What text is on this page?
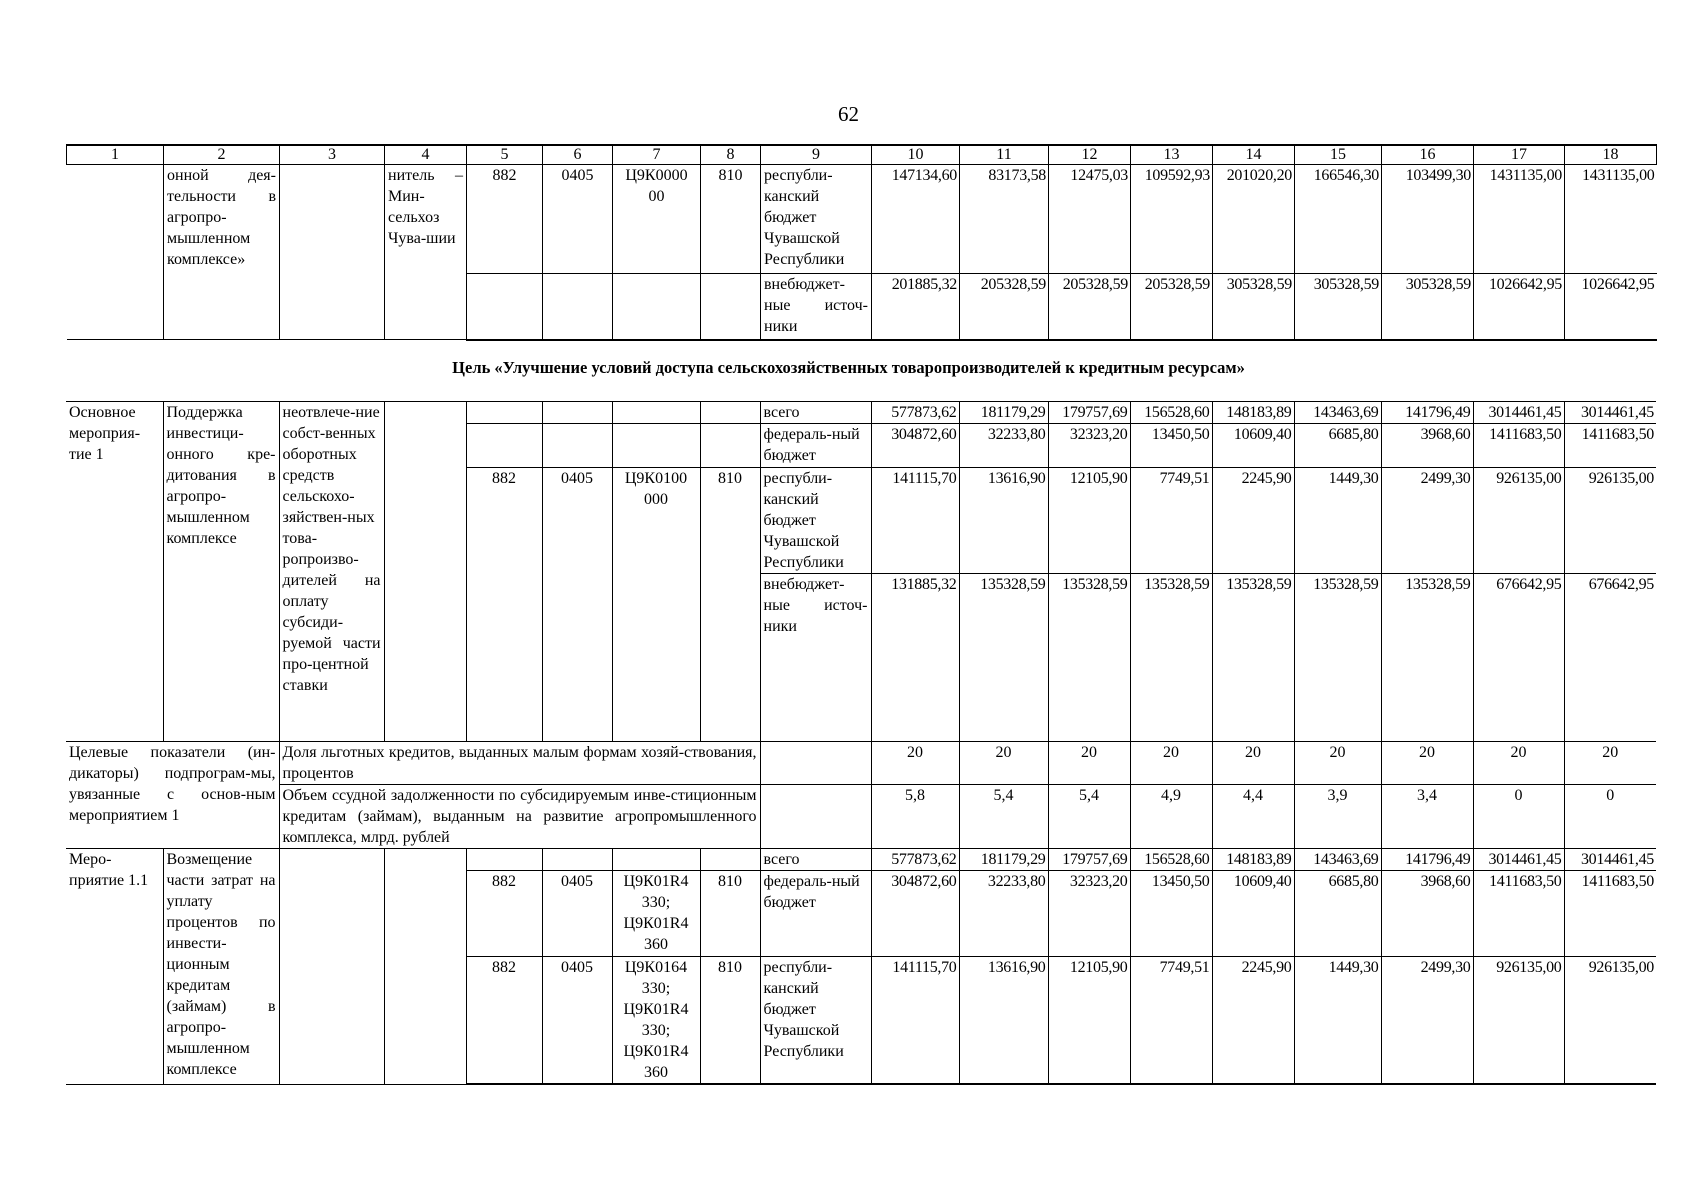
62
1	2	3	4	5	6	7	8	9	10	11	12	13	14	15	16	17	18
	онной дея-тельности в агропро-мышленном комплексе»		нитель – Мин-сельхоз Чува-шии	882	0405	Ц9К0000 00	810	республи-канский бюджет Чувашской Республики	147134,60	83173,58	12475,03	109592,93	201020,20	166546,30	103499,30	1431135,00	1431135,00
								внебюджет-ные источ-ники	201885,32	205328,59	205328,59	205328,59	305328,59	305328,59	305328,59	1026642,95	1026642,95
Цель «Улучшение условий доступа сельскохозяйственных товаропроизводителей к кредитным ресурсам»
Основное мероприя-тие 1	Поддержка инвестици-онного кре-дитования в агропро-мышленном комплексе	неотвлече-ние собст-венных оборотных средств сельскохо-зяйствен-ных това-ропроизво-дителей на оплату субсиди-руемой части про-центной ставки						всего	577873,62	181179,29	179757,69	156528,60	148183,89	143463,69	141796,49	3014461,45	3014461,45
								федераль-ный бюджет	304872,60	32233,80	32323,20	13450,50	10609,40	6685,80	3968,60	1411683,50	1411683,50
				882	0405	Ц9К0100 000	810	республи-канский бюджет Чувашской Республики	141115,70	13616,90	12105,90	7749,51	2245,90	1449,30	2499,30	926135,00	926135,00
								внебюджет-ные источ-ники	131885,32	135328,59	135328,59	135328,59	135328,59	135328,59	135328,59	676642,95	676642,95
Целевые показатели (ин-дикаторы) подпрограм-мы, увязанные с основ-ным мероприятием 1		Доля льготных кредитов, выданных малым формам хозяй-ствования, процентов							20	20	20	20	20	20	20	20	20
		Объем ссудной задолженности по субсидируемым инве-стиционным кредитам (займам), выданным на развитие агропромышленного комплекса, млрд. рублей							5,8	5,4	5,4	4,9	4,4	3,9	3,4	0	0
Меро-приятие 1.1	Возмещение части затрат на уплату процентов по инвести-ционным кредитам (займам) в агропро-мышленном комплексе							всего	577873,62	181179,29	179757,69	156528,60	148183,89	143463,69	141796,49	3014461,45	3014461,45
				882	0405	Ц9К01R4 330; Ц9К01R4 360	810	федераль-ный бюджет	304872,60	32233,80	32323,20	13450,50	10609,40	6685,80	3968,60	1411683,50	1411683,50
				882	0405	Ц9К0164 330; Ц9К01R4 330; Ц9К01R4 360	810	республи-канский бюджет Чувашской Республики	141115,70	13616,90	12105,90	7749,51	2245,90	1449,30	2499,30	926135,00	926135,00
